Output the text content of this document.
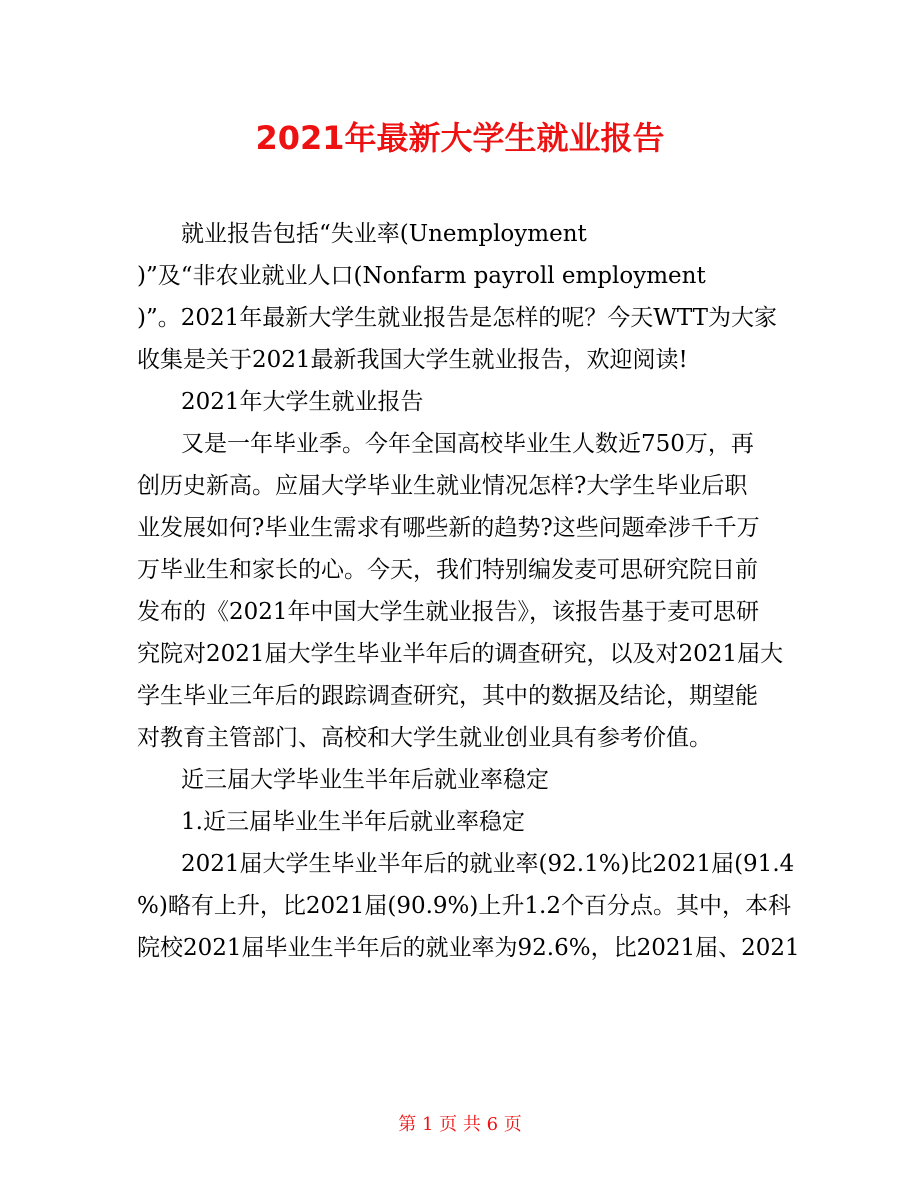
2021年最新大学生就业报告
就业报告包括“失业率(Unemployment
)”及“非农业就业人口(Nonfarm payroll employment
)”。2021年最新大学生就业报告是怎样的呢？今天WTT为大家
收集是关于2021最新我国大学生就业报告，欢迎阅读!
2021年大学生就业报告
又是一年毕业季。今年全国高校毕业生人数近750万，再
创历史新高。应届大学毕业生就业情况怎样?大学生毕业后职
业发展如何?毕业生需求有哪些新的趋势?这些问题牵涉千千万
万毕业生和家长的心。今天，我们特别编发麦可思研究院日前
发布的《2021年中国大学生就业报告》，该报告基于麦可思研
究院对2021届大学生毕业半年后的调查研究，以及对2021届大
学生毕业三年后的跟踪调查研究，其中的数据及结论，期望能
对教育主管部门、高校和大学生就业创业具有参考价值。
近三届大学毕业生半年后就业率稳定
1.近三届毕业生半年后就业率稳定
2021届大学生毕业半年后的就业率(92.1%)比2021届(91.4
%)略有上升，比2021届(90.9%)上升1.2个百分点。其中，本科
院校2021届毕业生半年后的就业率为92.6%，比2021届、2021
第 1 页 共 6 页
